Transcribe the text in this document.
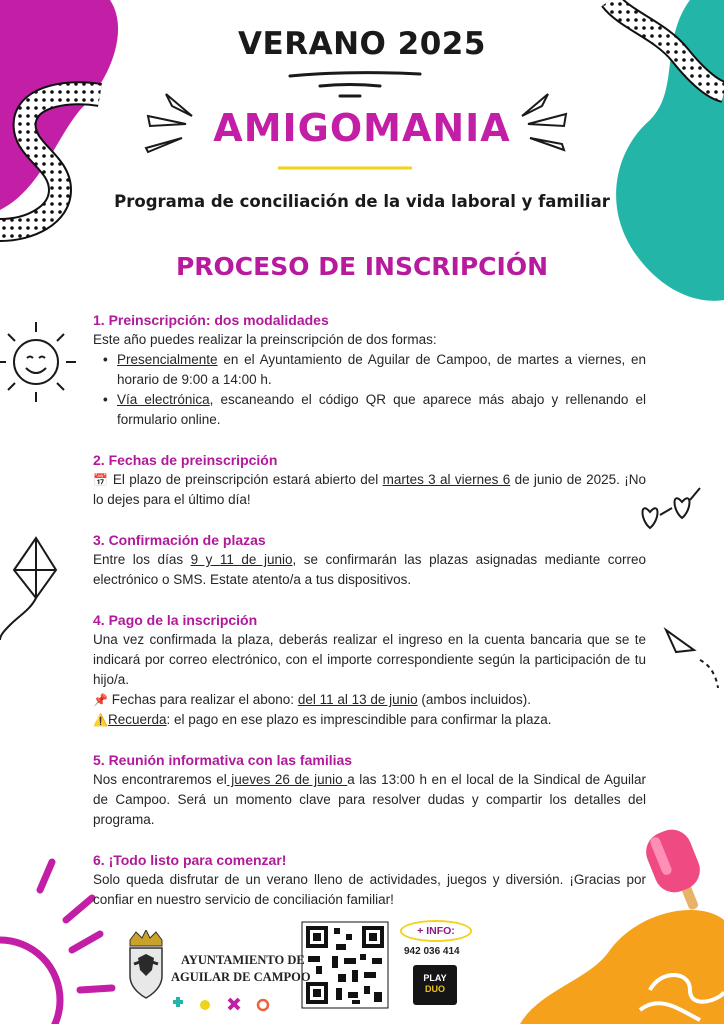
VERANO 2025
AMIGOMANIA
Programa de conciliación de la vida laboral y familiar
PROCESO DE INSCRIPCIÓN
1. Preinscripción: dos modalidades

Este año puedes realizar la preinscripción de dos formas:

• Presencialmente en el Ayuntamiento de Aguilar de Campoo, de martes a viernes, en horario de 9:00 a 14:00 h.
• Vía electrónica, escaneando el código QR que aparece más abajo y rellenando el formulario online.
2. Fechas de preinscripción

📅 El plazo de preinscripción estará abierto del martes 3 al viernes 6 de junio de 2025. ¡No lo dejes para el último día!

3. Confirmación de plazas

Entre los días 9 y 11 de junio, se confirmarán las plazas asignadas mediante correo electrónico o SMS. Estate atento/a a tus dispositivos.

4. Pago de la inscripción

Una vez confirmada la plaza, deberás realizar el ingreso en la cuenta bancaria que se te indicará por correo electrónico, con el importe correspondiente según la participación de tu hijo/a.

📌 Fechas para realizar el abono: del 11 al 13 de junio (ambos incluidos).

⚠️Recuerda: el pago en ese plazo es imprescindible para confirmar la plaza.

5. Reunión informativa con las familias

Nos encontraremos el jueves 26 de junio a las 13:00 h en el local de la Sindical de Aguilar de Campoo. Será un momento clave para resolver dudas y compartir los detalles del programa.

6. ¡Todo listo para comenzar!

Solo queda disfrutar de un verano lleno de actividades, juegos y diversión. ¡Gracias por confiar en nuestro servicio de conciliación familiar!

AYUNTAMIENTO DE
AGUILAR DE CAMPOO
+ INFO:
942 036 414
PLAY
DUO
